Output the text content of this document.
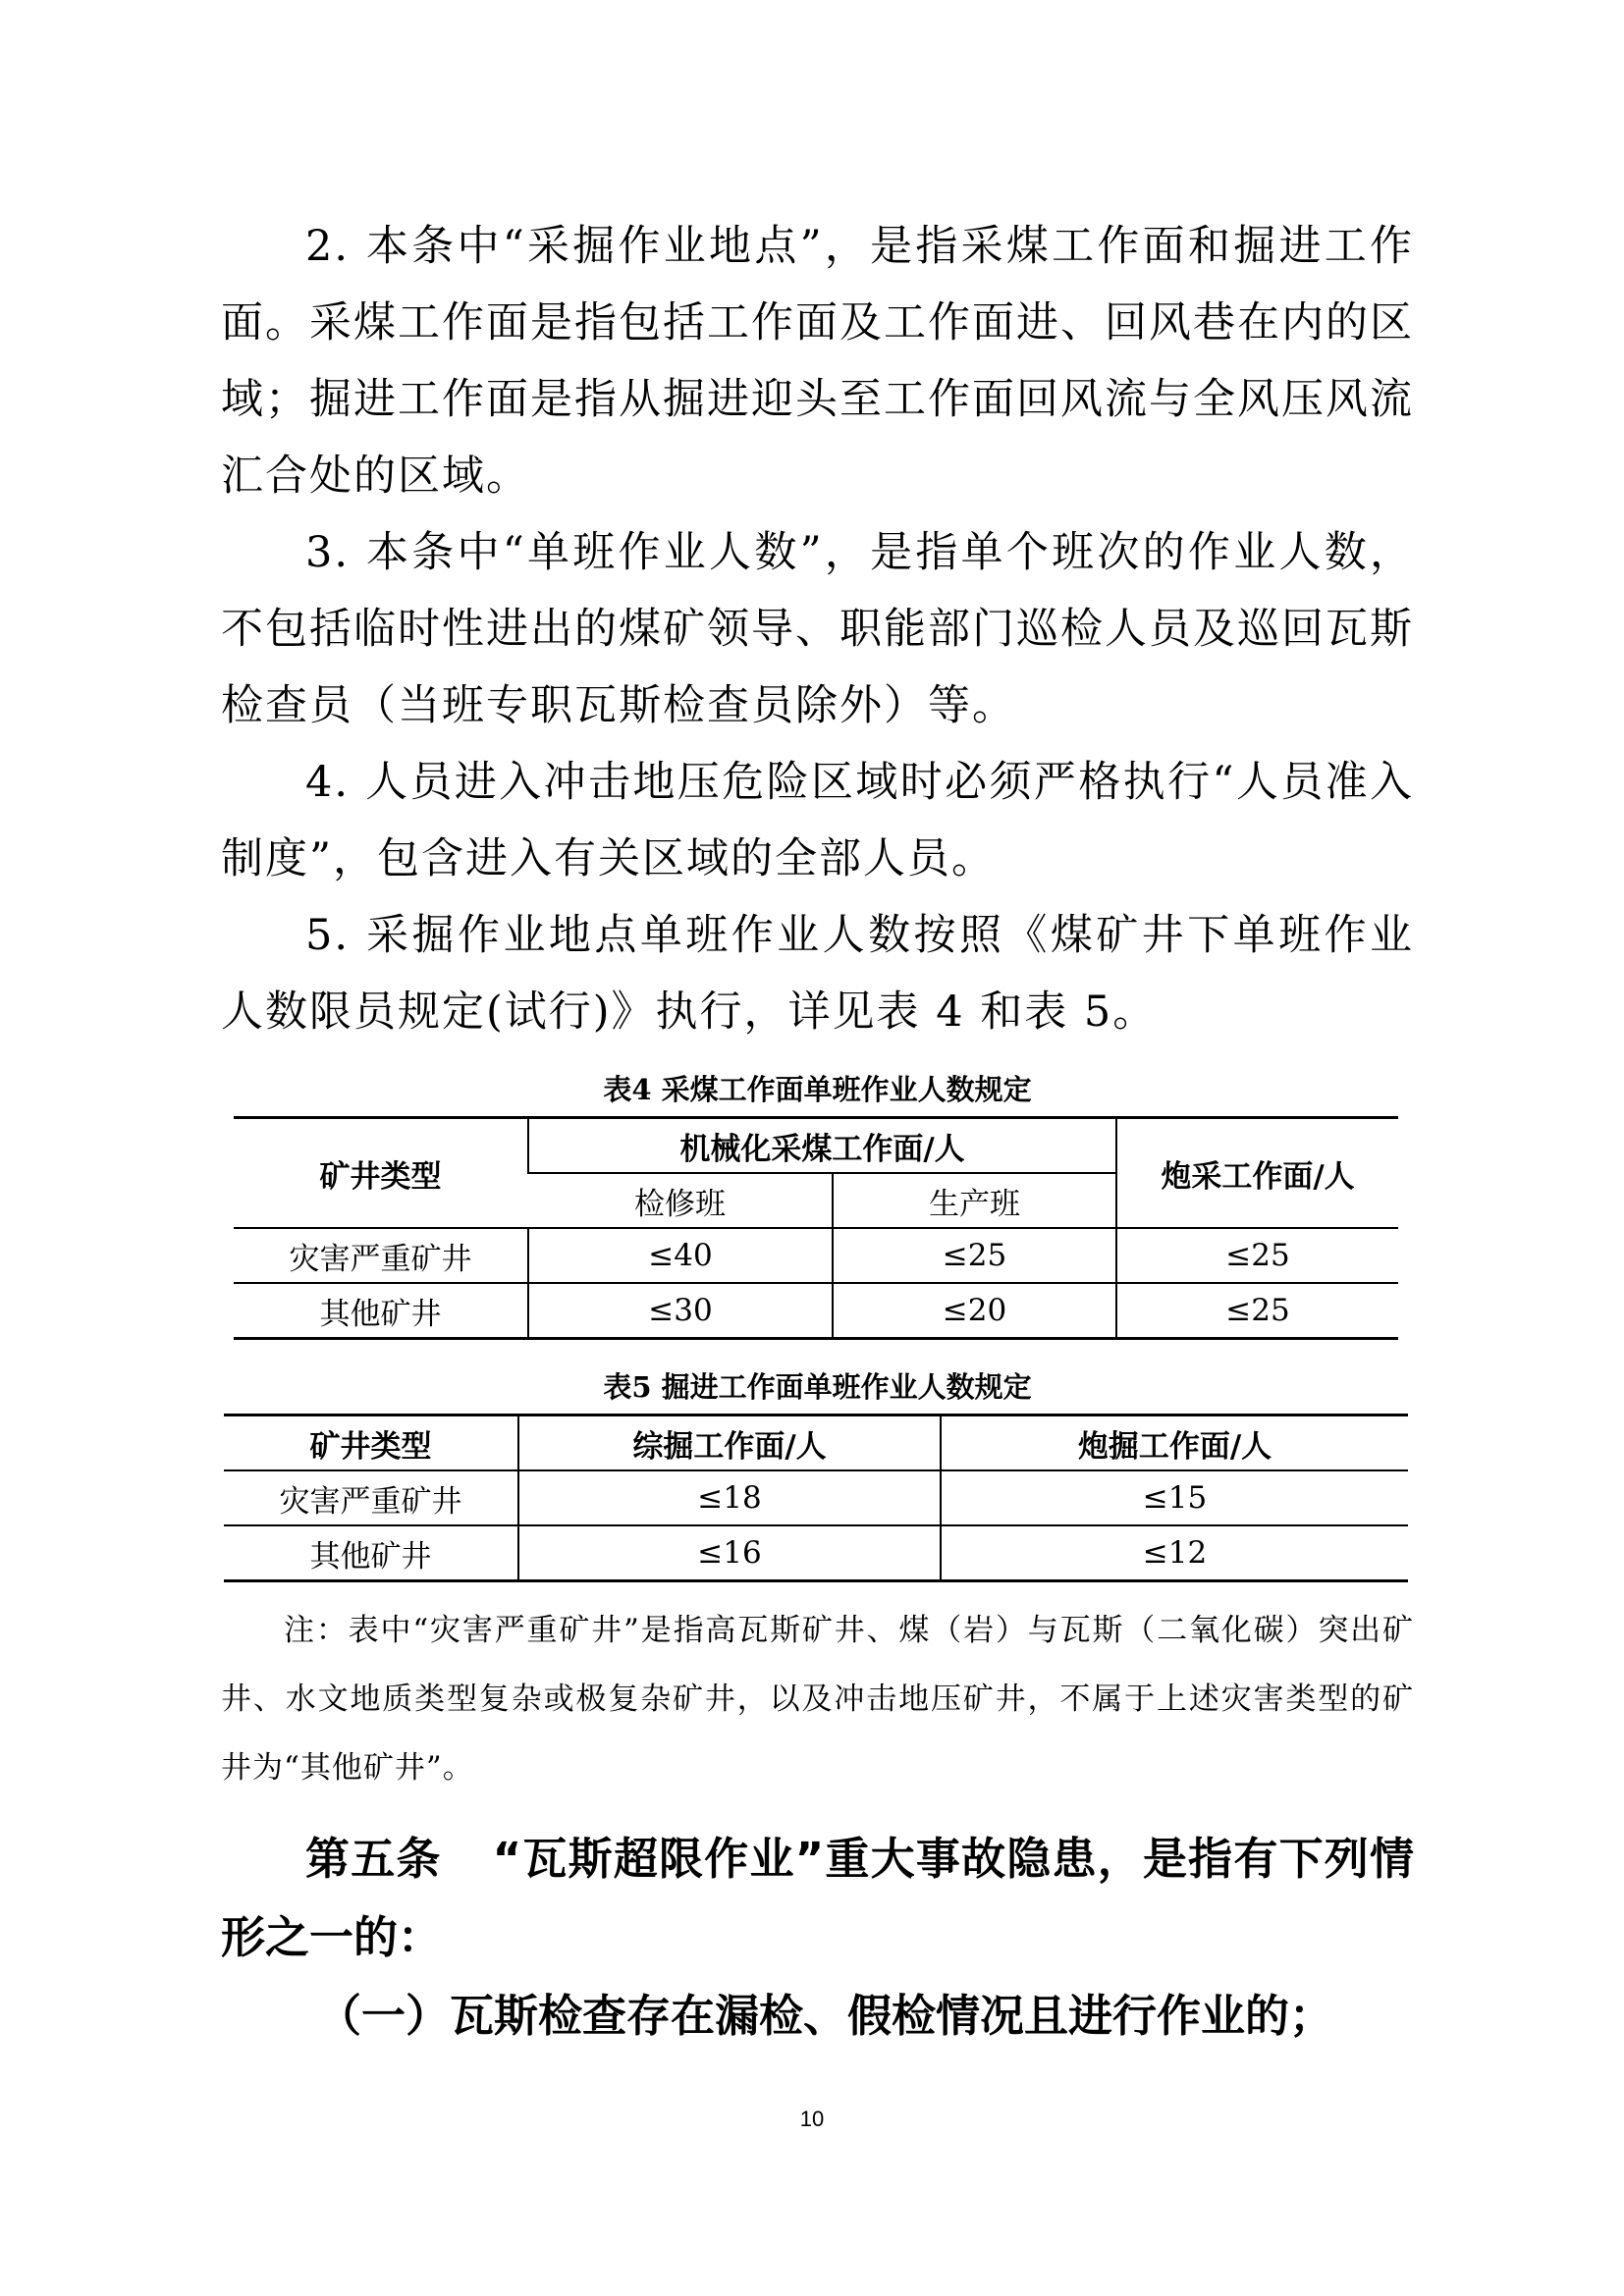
2. 本条中“采掘作业地点”，是指采煤工作面和掘进工作面。采煤工作面是指包括工作面及工作面进、回风巷在内的区域；掘进工作面是指从掘进迎头至工作面回风流与全风压风流汇合处的区域。

3. 本条中“单班作业人数”，是指单个班次的作业人数，不包括临时性进出的煤矿领导、职能部门巡检人员及巡回瓦斯检查员（当班专职瓦斯检查员除外）等。

4. 人员进入冲击地压危险区域时必须严格执行“人员准入制度”，包含进入有关区域的全部人员。

5. 采掘作业地点单班作业人数按照《煤矿井下单班作业人数限员规定(试行)》执行，详见表 4 和表 5。

表4 采煤工作面单班作业人数规定
矿井类型	机械化采煤工作面/人		炮采工作面/人
	检修班	生产班	
灾害严重矿井	≤40	≤25	≤25
其他矿井	≤30	≤20	≤25
表5 掘进工作面单班作业人数规定
矿井类型	综掘工作面/人	炮掘工作面/人
灾害严重矿井	≤18	≤15
其他矿井	≤16	≤12

注：表中“灾害严重矿井”是指高瓦斯矿井、煤（岩）与瓦斯（二氧化碳）突出矿井、水文地质类型复杂或极复杂矿井，以及冲击地压矿井，不属于上述灾害类型的矿井为“其他矿井”。

第五条 “瓦斯超限作业”重大事故隐患，是指有下列情形之一的：

（一）瓦斯检查存在漏检、假检情况且进行作业的；

10
